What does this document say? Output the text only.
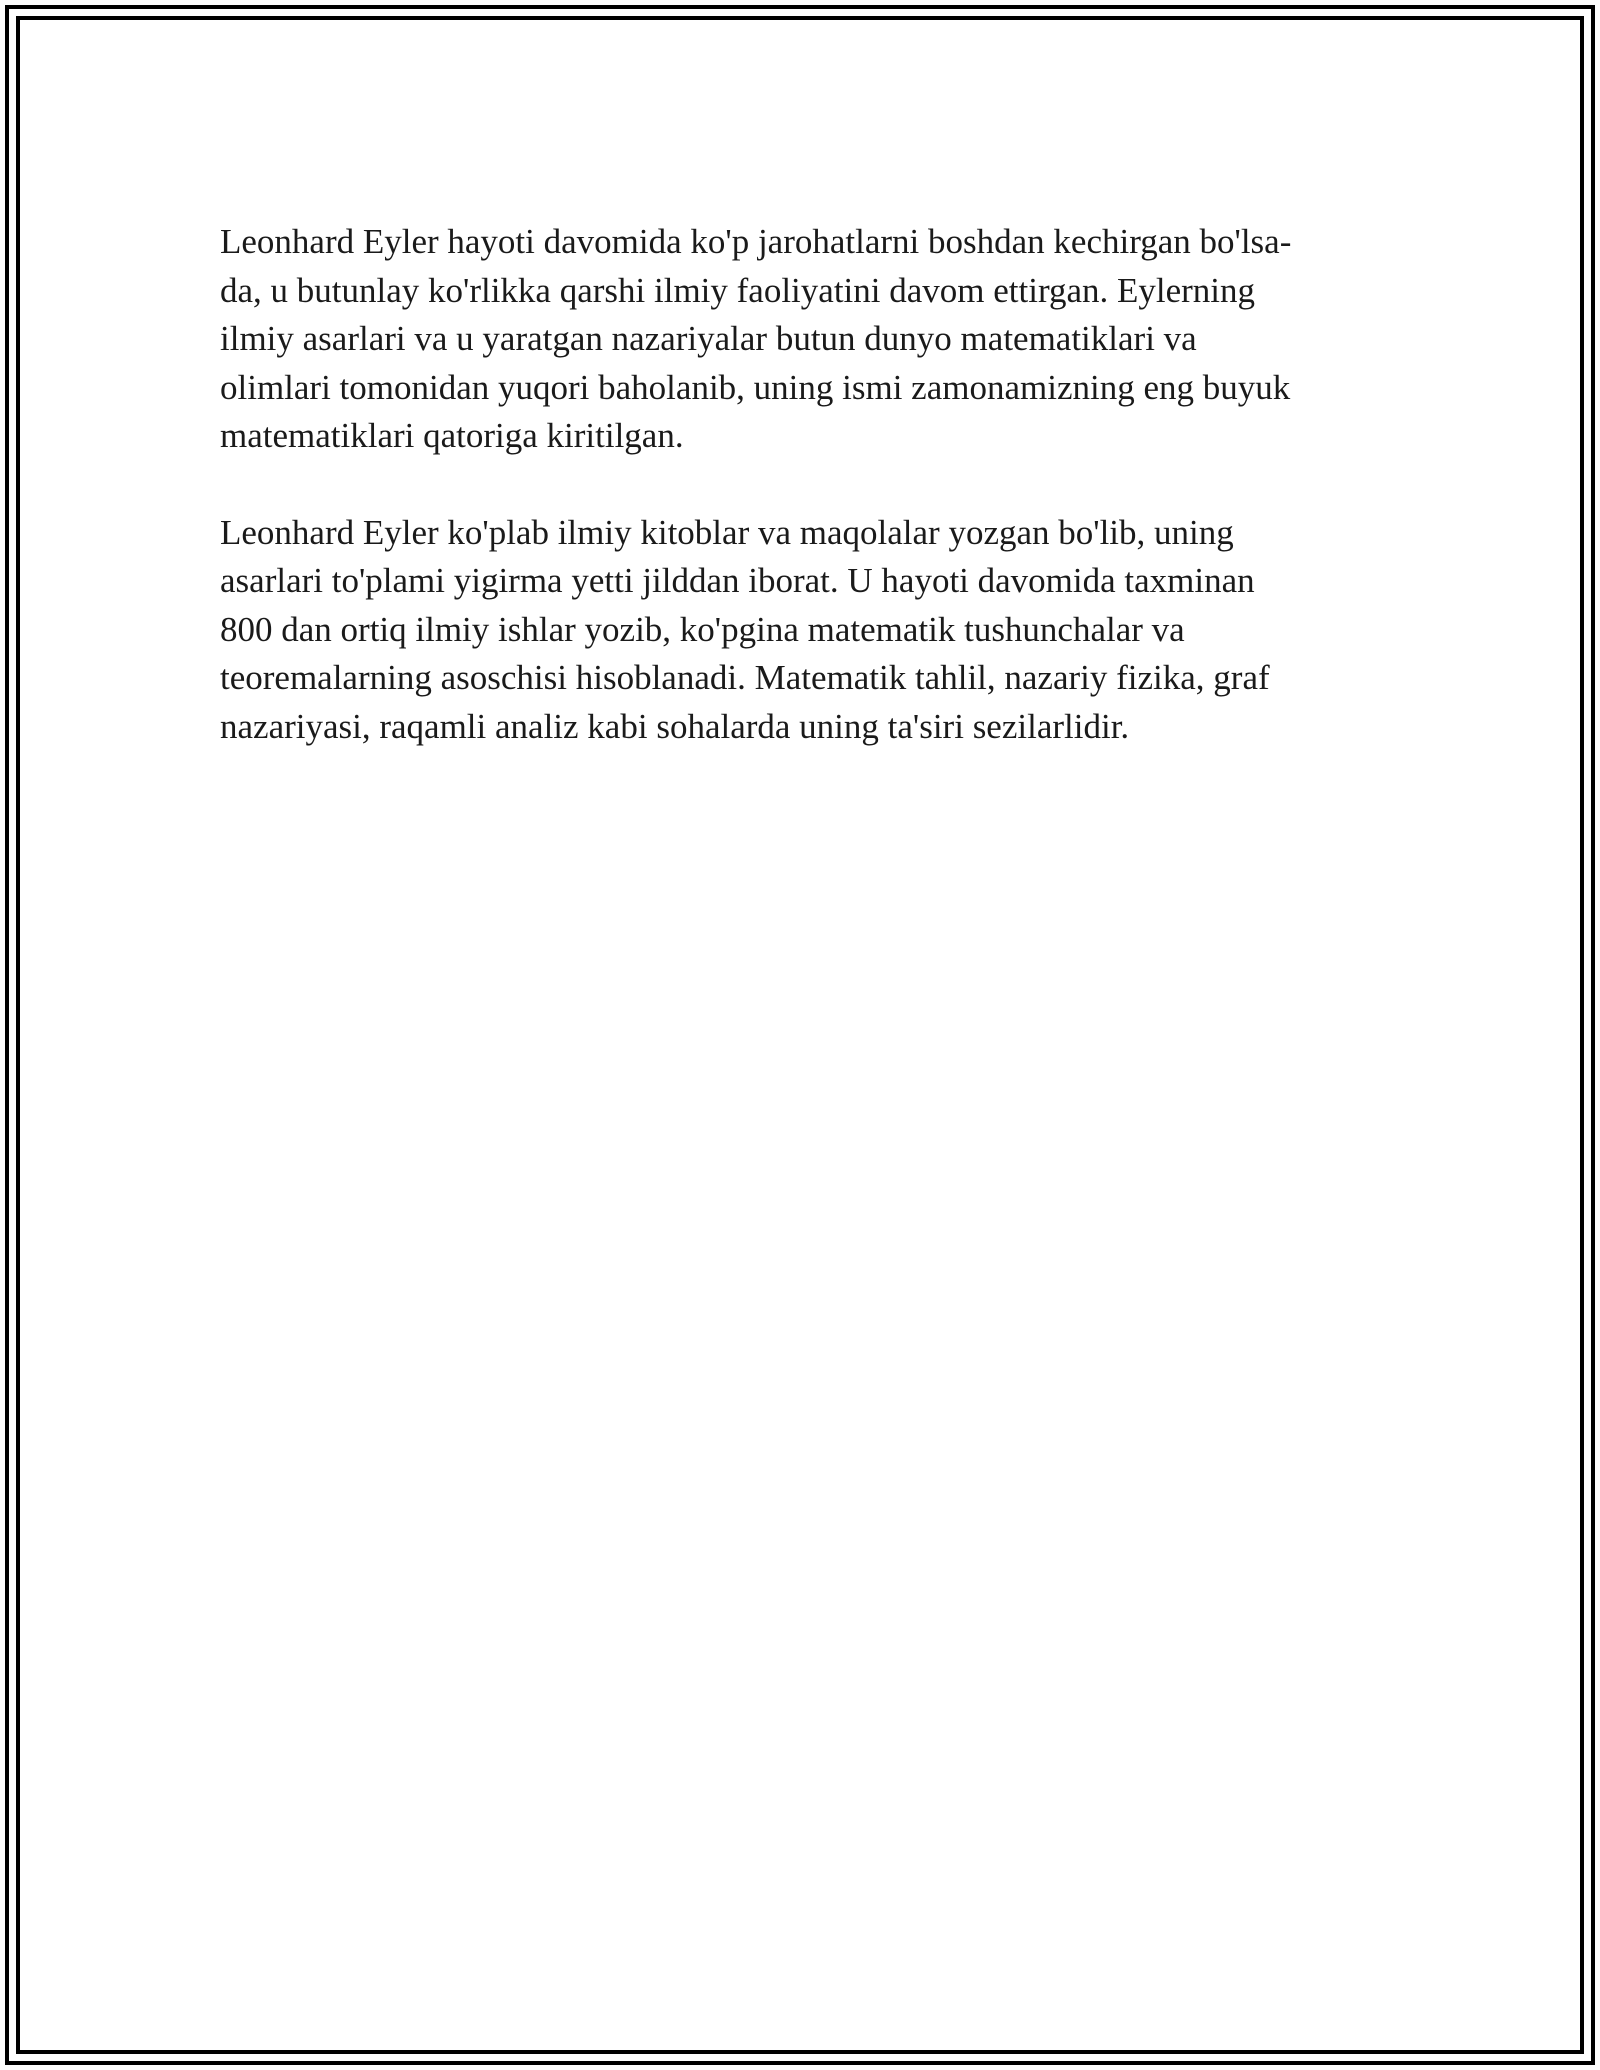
Leonhard Eyler hayoti davomida ko'p jarohatlarni boshdan kechirgan bo'lsa-
da, u butunlay ko'rlikka qarshi ilmiy faoliyatini davom ettirgan. Eylerning
ilmiy asarlari va u yaratgan nazariyalar butun dunyo matematiklari va
olimlari tomonidan yuqori baholanib, uning ismi zamonamizning eng buyuk
matematiklari qatoriga kiritilgan.

Leonhard Eyler ko'plab ilmiy kitoblar va maqolalar yozgan bo'lib, uning
asarlari to'plami yigirma yetti jilddan iborat. U hayoti davomida taxminan
800 dan ortiq ilmiy ishlar yozib, ko'pgina matematik tushunchalar va
teoremalarning asoschisi hisoblanadi. Matematik tahlil, nazariy fizika, graf
nazariyasi, raqamli analiz kabi sohalarda uning ta'siri sezilarlidir.
